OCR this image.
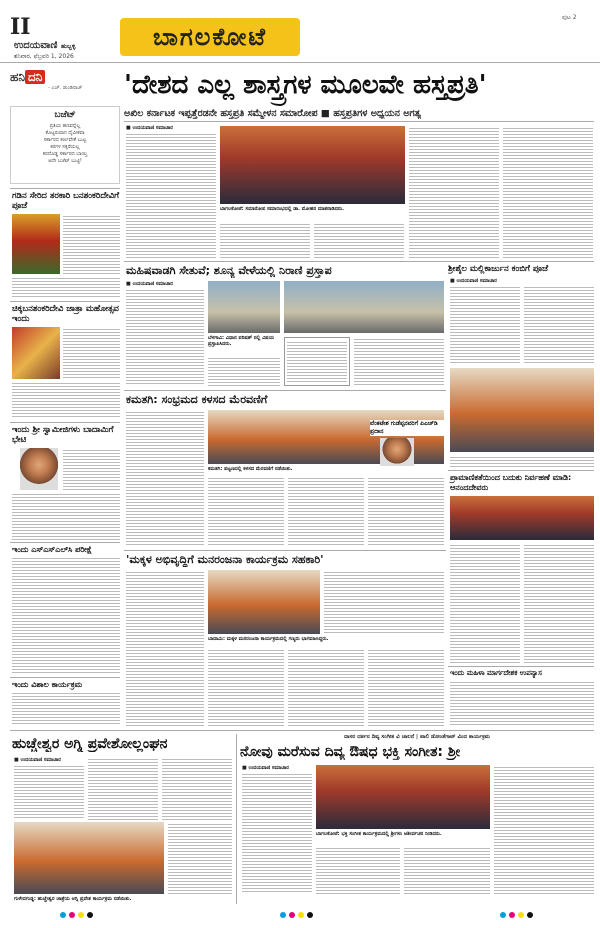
II
ಉದಯವಾಣಿ ಹುಬ್ಬಳ್ಳಿ
ಶನಿವಾರ, ಫೆಬ್ರವರಿ 1, 2026
ಬಾಗಲಕೋಟೆ
ಪುಟ 2
ಹನಿ ದನಿ
- ಎಚ್. ಡುಂಡಿರಾಜ್
ಬಜೆಟ್
ಪ್ರತಿಯ ಹಣವನ್ನೆಲ್ಲ
ಕೊಟ್ಟರುವಾಗ ದೈವೀಕವಾ
ಸರ್ಕಾರದ ಕರ್ಣವೇಕೆ ಬುಟ್ಟ
ಕರಗಳ ಸಕ್ಕರೆಯಲ್ಲ
ಕರದೊಡ್ಡ ಸರ್ಕಾರದ ಬಾಯ್ತಿ
ಅದೇ ಬಜೆಟ್ ಬುಟ್ಟಿ!
'ದೇಶದ ಎಲ್ಲ ಶಾಸ್ತ್ರಗಳ ಮೂಲವೇ ಹಸ್ತಪ್ರತಿ'
ಅಖಿಲ ಕರ್ನಾಟಕ ಇಪ್ಪತ್ತೆರಡನೇ ಹಸ್ತಪ್ರತಿ ಸಮ್ಮೇಳನ ಸಮಾರೋಪ ■ ಹಸ್ತಪ್ರತಿಗಳ ಅಧ್ಯಯನ ಅಗತ್ಯ
■ ಉದಯವಾಣಿ ಸಮಾಚಾರ
ಬಾಗಲಕೋಟೆ: ಸಮಾರೋಪ ಸಮಾರಂಭದಲ್ಲಿ ಡಾ. ಮೋಹನ ಮಾತನಾಡಿದರು.
ಗಡಿನ ಸೇರಿದ ತರಕಾರಿ ಬನಶಂಕರಿದೇವಿಗೆ ಪೂಜೆ
ಚಿಕ್ಕಬನಶಂಕರಿದೇವಿ ಜಾತ್ರಾ ಮಹೋತ್ಸವ ಇಂದು
ಇಂದು ಶ್ರೀ ಸ್ವಾಮೀಜಿಗಳು ಬಾದಾಮಿಗೆ ಭೇಟಿ
ಇಂದು ಎಸ್‌ಎಸ್‌ಎಲ್‌ಸಿ ಪರೀಕ್ಷೆ
ಇಂದು ವಿಶಾಲ ಕಾರ್ಯಕ್ರಮ
ಮಹಿಷವಾಡಗಿ ಸೇತುವೆ; ಶೂನ್ಯ ವೇಳೆಯಲ್ಲಿ ನಿರಾಣಿ ಪ್ರಸ್ತಾಪ
■ ಉದಯವಾಣಿ ಸಮಾಚಾರ
ಬೆಳಗಾವಿ: ವಿಧಾನ ಪರಿಷತ್ ನಲ್ಲಿ ವಿಷಯ ಪ್ರಸ್ತಾಪಿಸಿದರು.
ಕಮತಗಿ: ಸಂಭ್ರಮದ ಕಳಸದ ಮೆರವಣಿಗೆ
ಕಮತಗಿ: ಪಟ್ಟಣದಲ್ಲಿ ಕಳಸದ ಮೆರವಣಿಗೆ ನಡೆಯಿತು.
ವೆಂಕಟೇಶ ಗುಡೆಪ್ಪನವರಿಗೆ ಪಿಎಚ್‌ಡಿ ಪ್ರದಾನ
'ಮಕ್ಕಳ ಅಭಿವೃದ್ಧಿಗೆ ಮನರಂಜನಾ ಕಾರ್ಯಕ್ರಮ ಸಹಕಾರಿ'
ಬಾದಾಮಿ: ಮಕ್ಕಳ ಮನರಂಜನಾ ಕಾರ್ಯಕ್ರಮದಲ್ಲಿ ಗಣ್ಯರು ಭಾಗವಹಿಸಿದ್ದರು.
ಶ್ರೀಶೈಲ ಮಲ್ಲಿಕಾರ್ಜುನ ಕಂಬಿಗೆ ಪೂಜೆ
■ ಉದಯವಾಣಿ ಸಮಾಚಾರ
ಪ್ರಾಮಾಣಿಕತೆಯಿಂದ ಬದುಕು ನಿರ್ವಹಣೆ ಮಾಡಿ: ಆನಂದದೇವರು
ಇಂದು ಮಹಿಳಾ ಮಾರ್ಗದೇಶಕ ಉಪನ್ಯಾಸ
ಹುಚ್ಚೇಶ್ವರ ಅಗ್ನಿ ಪ್ರವೇಶೋಲ್ಲಂಘನ
■ ಉದಯವಾಣಿ ಸಮಾಚಾರ
ಗುಳೇದಗುಡ್ಡ: ಹುಚ್ಚೇಶ್ವರ ಜಾತ್ರೆಯ ಅಗ್ನಿ ಪ್ರವೇಶ ಕಾರ್ಯಕ್ರಮ ನಡೆಯಿತು.
ದಾಸರ ದರ್ಶನ ದಿವ್ಯ ಸಂಗೀತ ವಿ ಚಾಲನೆ | ಪಾಲಿ ಡೋಂತೆಗಾಟ್ ವಿಂದ ಕಾರ್ಯಕ್ರಮ
ನೋವು ಮರೆಸುವ ದಿವ್ಯ ಔಷಧ ಭಕ್ತಿ ಸಂಗೀತ: ಶ್ರೀ
■ ಉದಯವಾಣಿ ಸಮಾಚಾರ
ಬಾಗಲಕೋಟೆ: ಭಕ್ತಿ ಸಂಗೀತ ಕಾರ್ಯಕ್ರಮದಲ್ಲಿ ಶ್ರೀಗಳು ಆಶೀರ್ವಚನ ನೀಡಿದರು.
